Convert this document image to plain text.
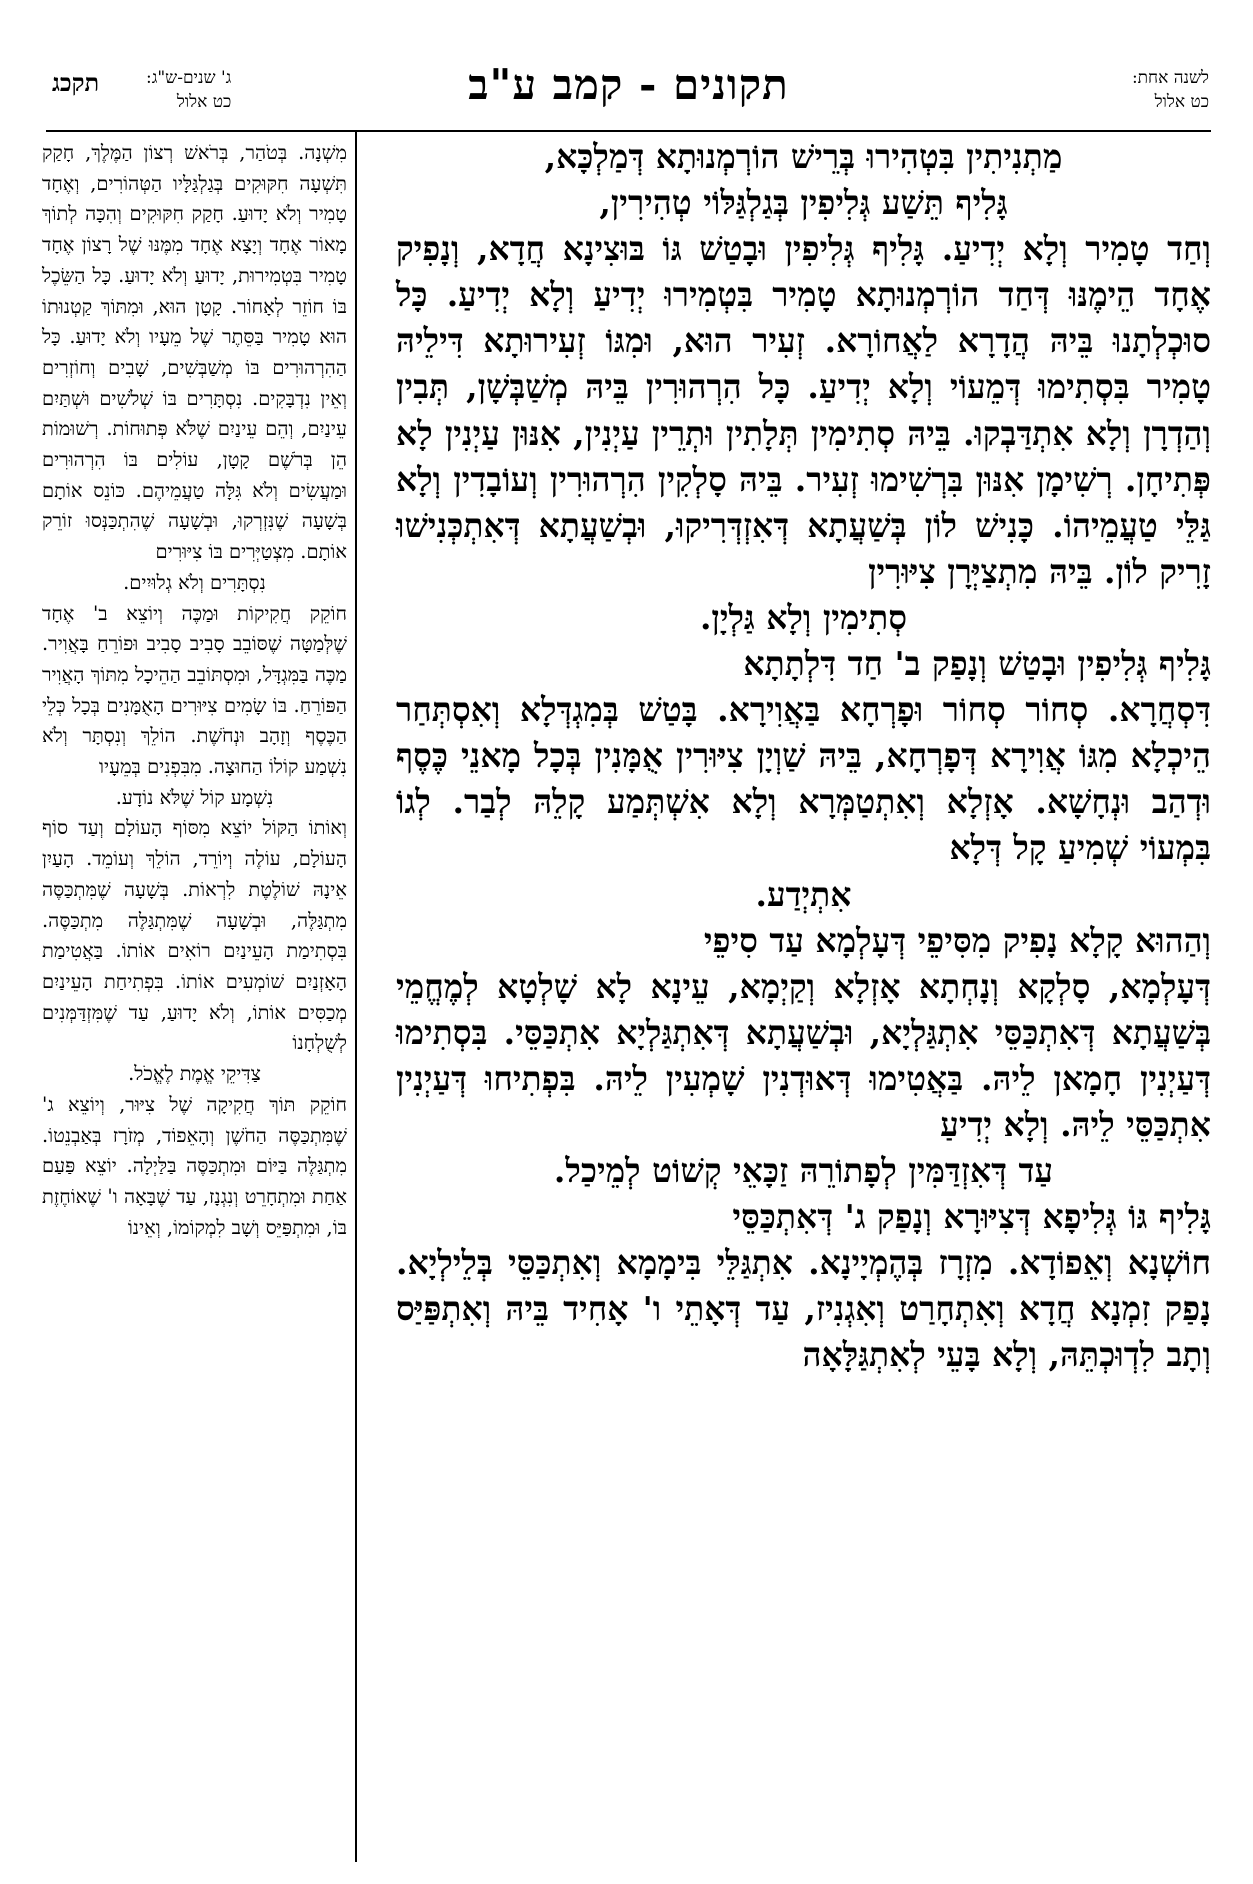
לשנה אחת:
כט אלול
תקונים - קמב ע"ב
ג' שנים-ש"ג:
כט אלול
תקכג

מַתְנִיתִין בִּטְהִירוּ בְּרֵישׁ הוֹרְמְנוּתָא דְּמַלְכָּא,

גָּלִיף תֵּשַׁע גְּלִיפִין בְּגַלְגַּלּוֹי טְהִירִין,

וְחַד טָמִיר וְלָא יְדִיעַ. גָּלִיף גְּלִיפִין וּבָטַשׁ גּוֹ בּוּצִינָא חֲדָא, וְנָפִיק אֶחָד הֵימֶנּוּ דְּחַד הוֹרְמְנוּתָא טָמִיר בִּטְמִירוּ יְדִיעַ וְלָא יְדִיעַ. כָּל סוּכְלְתָנוּ בֵּיהּ הֲדָרָא לַאֲחוֹרָא. זְעִיר הוּא, וּמִגּוֹ זְעִירוּתָא דִּילֵיהּ טָמִיר בִּסְתִימוּ דְּמֵעוֹי וְלָא יְדִיעַ. כָּל הִרְהוּרִין בֵּיהּ מְשַׁבְּשָׁן, תְּבִין וְהַדְרָן וְלָא אִתְדַּבְקוּ. בֵּיהּ סְתִימִין תְּלָתִין וּתְרֵין עַיְנִין, אִנּוּן עַיְנִין לָא פְּתִיחָן. רְשִׁימָן אִנּוּן בִּרְשִׁימוּ זְעִיר. בֵּיהּ סָלְקִין הִרְהוּרִין וְעוֹבָדִין וְלָא גַּלֵּי טַעֲמֵיהוֹ. כָּנִישׁ לוֹן בְּשַׁעֲתָא דְּאִזְדְּרִיקוּ, וּבְשַׁעֲתָא דְּאִתְכְּנִישׁוּ זָרִיק לוֹן. בֵּיהּ מִתְצַיְּרָן צִיּוּרִין

סְתִימִין וְלָא גַּלְיָן.

גָּלִיף גְּלִיפִין וּבָטַשׁ וְנָפַק ב' חַד דִּלְתָתָא

דִּסְחֲרָא. סְחוֹר סְחוֹר וּפָרְחָא בַּאֲוִירָא. בָּטַשׁ בְּמִגְדְּלָא וְאִסְתְּחַר הֵיכְלָא מִגּוֹ אֲוִירָא דְּפָרְחָא, בֵּיהּ שַׁוְיָן צִיּוּרִין אֻמָּנִין בְּכָל מָאנֵי כֶּסֶף וּדְהַב וּנְחָשָׁא. אָזְלָא וְאִתְטַמְּרָא וְלָא אִשְׁתְּמַע קָלֵהּ לְבַר. לְגוֹ בִּמְעוֹי שְׁמִיעַ קָל דְּלָא

אִתְיְדַע.

וְהַהוּא קָלָא נָפִיק מִסִּיפֵי דְּעָלְמָא עַד סִיפֵי

דְּעָלְמָא, סָלְקָא וְנָחְתָא אָזְלָא וְקַיְמָא, עֵינָא לָא שָׁלְטָא לְמֶחֱמֵי בְּשַׁעֲתָא דְּאִתְכַּסֵּי אִתְגַּלְיָא, וּבְשַׁעֲתָא דְּאִתְגַּלְיָא אִתְכַּסֵּי. בִּסְתִימוּ דְּעַיְנִין חָמָאן לֵיהּ. בַּאֲטִימוּ דְּאוּדְנִין שָׁמְעִין לֵיהּ. בִּפְתִיחוּ דְּעַיְנִין אִתְכַּסֵּי לֵיהּ. וְלָא יְדִיעַ

עַד דְּאִזְדַּמִּין לְפָתוֹרֵהּ זַכָּאֵי קְשׁוֹט לְמֵיכַל.

גָּלִיף גּוֹ גְּלִיפָא דְּצִיּוּרָא וְנָפַק ג' דְּאִתְכַּסֵּי

חוֹשְׁנָא וְאֵפוֹדָא. מִזְרָז בְּהֶמְיָינָא. אִתְגַּלֵּי בִּימָמָא וְאִתְכַּסֵּי בְּלֵילְיָא. נָפַק זִמְנָא חֲדָא וְאִתְחָרַט וְאִגְנִיז, עַד דְּאָתֵי ו' אָחִיד בֵּיהּ וְאִתְפַּיַּס וְתָב לִדְוּכְתֵּהּ, וְלָא בָּעֵי לְאִתְגַּלָּאָה

מִשְׁנָה. בְּטֹהַר, בְּרֹאשׁ רְצוֹן הַמֶּלֶךְ, חָקַק תִּשְׁעָה חִקּוּקִים בְּגַלְגַּלָּיו הַטְּהוֹרִים, וְאֶחָד טָמִיר וְלֹא יָדוּעַ. חָקַק חִקּוּקִים וְהִכָּה לְתוֹךְ מָאוֹר אֶחָד וְיָצָא אֶחָד מִמֶּנּוּ שֶׁל רָצוֹן אֶחָד טָמִיר בִּטְמִירוּת, יָדוּעַ וְלֹא יָדוּעַ. כָּל הַשֵּׂכֶל בּוֹ חוֹזֵר לְאָחוֹר. קָטָן הוּא, וּמִתּוֹךְ קַטְנוּתוֹ הוּא טָמִיר בַּסֵּתֶר שֶׁל מֵעָיו וְלֹא יָדוּעַ. כָּל הַהִרְהוּרִים בּוֹ מְשַׁבְּשִׁים, שָׁבִים וְחוֹזְרִים וְאֵין נִדְבָּקִים. נִסְתָּרִים בּוֹ שְׁלֹשִׁים וּשְׁתַּיִם עֵינַיִם, וְהֵם עֵינַיִם שֶׁלֹּא פְּתוּחוֹת. רְשׁוּמוֹת הֵן בְּרֹשֶׁם קָטָן, עוֹלִים בּוֹ הִרְהוּרִים וּמַעֲשִׂים וְלֹא גִּלָּה טַעֲמֵיהֶם. כּוֹנֵס אוֹתָם בְּשָׁעָה שֶׁנִּזְרְקוּ, וּבְשָׁעָה שֶׁהִתְכַּנְּסוּ זוֹרֵק אוֹתָם. מִצְטַיְּרִים בּוֹ צִיּוּרִים

נִסְתָּרִים וְלֹא גְלוּיִים.

חוֹקֵק חֲקִיקוֹת וּמַכֶּה וְיוֹצֵא ב' אֶחָד שֶׁלְּמַטָּה שֶׁסּוֹבֵב סָבִיב סָבִיב וּפוֹרֵחַ בָּאֲוִיר. מַכֶּה בַּמִּגְדָּל, וּמִסְתּוֹבֵב הַהֵיכָל מִתּוֹךְ הָאֲוִיר הַפּוֹרֵחַ. בּוֹ שָׂמִים צִיּוּרִים הָאֻמָּנִים בְּכָל כְּלֵי הַכֶּסֶף וְזָהָב וּנְחֹשֶׁת. הוֹלֵךְ וְנִסְתָּר וְלֹא נִשְׁמַע קוֹלוֹ הַחוּצָה. מִבִּפְנִים בְּמֵעָיו

נִשְׁמָע קוֹל שֶׁלֹּא נוֹדָע.

וְאוֹתוֹ הַקּוֹל יוֹצֵא מִסּוֹף הָעוֹלָם וְעַד סוֹף הָעוֹלָם, עוֹלֶה וְיוֹרֵד, הוֹלֵךְ וְעוֹמֵד. הָעַיִן אֵינָהּ שׁוֹלֶטֶת לִרְאוֹת. בְּשָׁעָה שֶׁמִּתְכַּסֶּה מִתְגַּלֶּה, וּבְשָׁעָה שֶׁמִּתְגַּלֶּה מִתְכַּסֶּה. בִּסְתִימַת הָעֵינַיִם רוֹאִים אוֹתוֹ. בַּאֲטִימַת הָאָזְנַיִם שׁוֹמְעִים אוֹתוֹ. בִּפְתִיחַת הָעֵינַיִם מְכַסִּים אוֹתוֹ, וְלֹא יָדוּעַ, עַד שֶׁמִּזְדַּמְּנִים לְשֻׁלְחָנוֹ

צַדִּיקֵי אֱמֶת לֶאֱכֹל.

חוֹקֵק תּוֹךְ חֲקִיקָה שֶׁל צִיּוּר, וְיוֹצֵא ג' שֶׁמִּתְכַּסֶּה הַחֹשֶׁן וְהָאֵפוֹד, מְזֹרָז בְּאַבְנֵטוֹ. מִתְגַּלֶּה בַּיּוֹם וּמִתְכַּסֶּה בַּלַּיְלָה. יוֹצֵא פַּעַם אַחַת וּמִתְחָרֵט וְנִגְנָז, עַד שֶׁבָּאָה ו' שֶׁאוֹחֶזֶת בּוֹ, וּמִתְפַּיֵּס וְשָׁב לִמְקוֹמוֹ, וְאֵינוֹ
